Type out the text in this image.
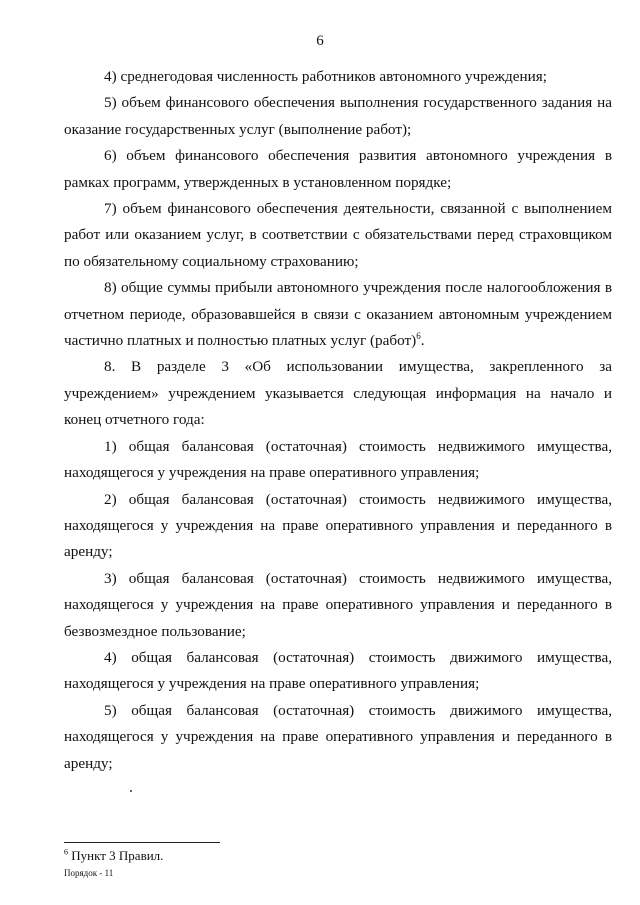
6

4) среднегодовая численность работников автономного учреждения;

5) объем финансового обеспечения выполнения государственного задания на оказание государственных услуг (выполнение работ);

6) объем финансового обеспечения развития автономного учреждения в рамках программ, утвержденных в установленном порядке;

7) объем финансового обеспечения деятельности, связанной с выполнением работ или оказанием услуг, в соответствии с обязательствами перед страховщиком по обязательному социальному страхованию;

8) общие суммы прибыли автономного учреждения после налогообложения в отчетном периоде, образовавшейся в связи с оказанием автономным учреждением частично платных и полностью платных услуг (работ)$^6$.

8. В разделе 3 «Об использовании имущества, закрепленного за учреждением» учреждением указывается следующая информация на начало и конец отчетного года:

1) общая балансовая (остаточная) стоимость недвижимого имущества, находящегося у учреждения на праве оперативного управления;

2) общая балансовая (остаточная) стоимость недвижимого имущества, находящегося у учреждения на праве оперативного управления и переданного в аренду;

3) общая балансовая (остаточная) стоимость недвижимого имущества, находящегося у учреждения на праве оперативного управления и переданного в безвозмездное пользование;

4) общая балансовая (остаточная) стоимость движимого имущества, находящегося у учреждения на праве оперативного управления;

5) общая балансовая (остаточная) стоимость движимого имущества, находящегося у учреждения на праве оперативного управления и переданного в аренду;

$^6$ Пункт 3 Правил.
Порядок - 11
